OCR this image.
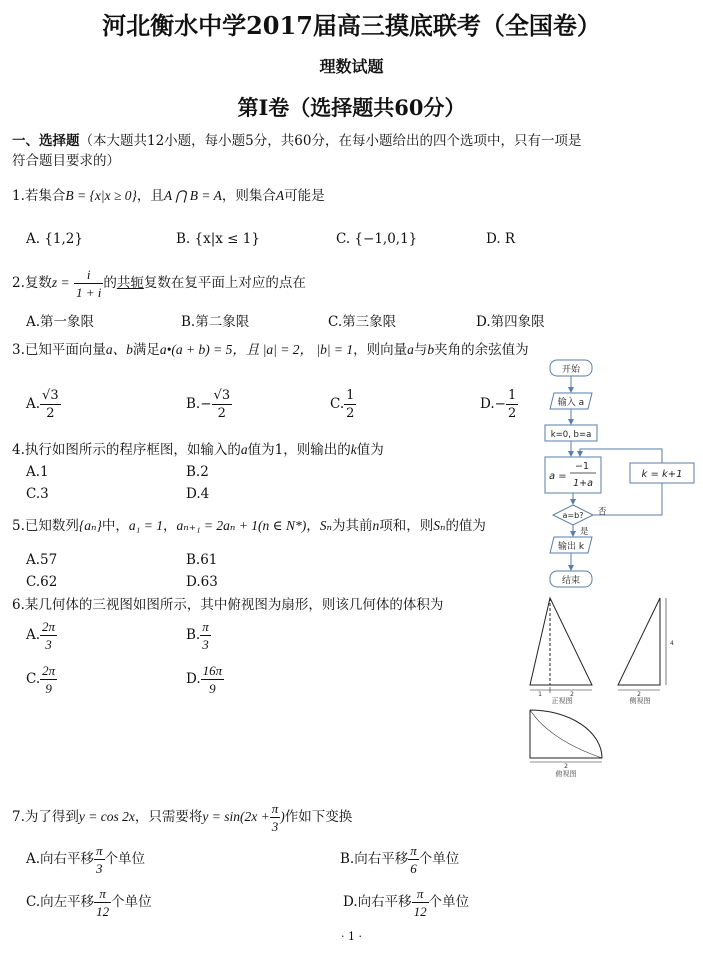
河北衡水中学2017届高三摸底联考（全国卷）
理数试题
第Ⅰ卷（选择题共60分）
一、选择题（本大题共12小题，每小题5分，共60分，在每小题给出的四个选项中，只有一项是
符合题目要求的）
1.若集合B = {x|x ≥ 0}，且A ⋂ B = A，则集合A可能是
A. {1,2}	B. {x|x ≤ 1}	C. {−1,0,1}	D. R
2.复数$z = \frac{i}{1 + i}$ 的共轭复数在复平面上对应的点在
A.第一象限	B.第二象限	C.第三象限	D.第四象限
3.已知平面向量a、b满足a•(a + b) = 5，且 |a| = 2， |b| = 1，则向量a与b夹角的余弦值为
A. $\frac{√3}{2}$	$B.- \frac{√3}{2}$	C. $\frac{1}{2}$	$D.- \frac{1}{2}$
4.执行如图所示的程序框图，如输入的a值为1，则输出的k值为
A.1	B.2
C.3	D.4
开始
输入 a
k=0, b=a
a =
−1
1+a
k = k+1
a=b? 否
是
输出 k
结束
5.已知数列{aₙ}中，a₁ = 1，aₙ₊₁ = 2aₙ + 1(n ∈ N*)，Sₙ为其前n项和，则Sₙ的值为
A.57	B.61
C.62	D.63
6.某几何体的三视图如图所示，其中俯视图为扇形，则该几何体的体积为
A. $\frac{2\pi}{3}$	B. $\frac{\pi}{3}$
C. $\frac{2\pi}{9}$	D. $\frac{16\pi}{9}$	1	2
4
2
2
正视图	侧视图
俯视图
7.为了得到y = cos 2x，只需要将$y = \sin(2x + \frac{\pi}{3}$ )作如下变换
A.向右平移 $\frac{\pi}{3}$ 个单位	B.向右平移 $\frac{\pi}{6}$ 个单位
C.向左平移 $\frac{\pi}{12}$ 个单位	D.向右平移 $\frac{\pi}{12}$ 个单位
· 1 ·
